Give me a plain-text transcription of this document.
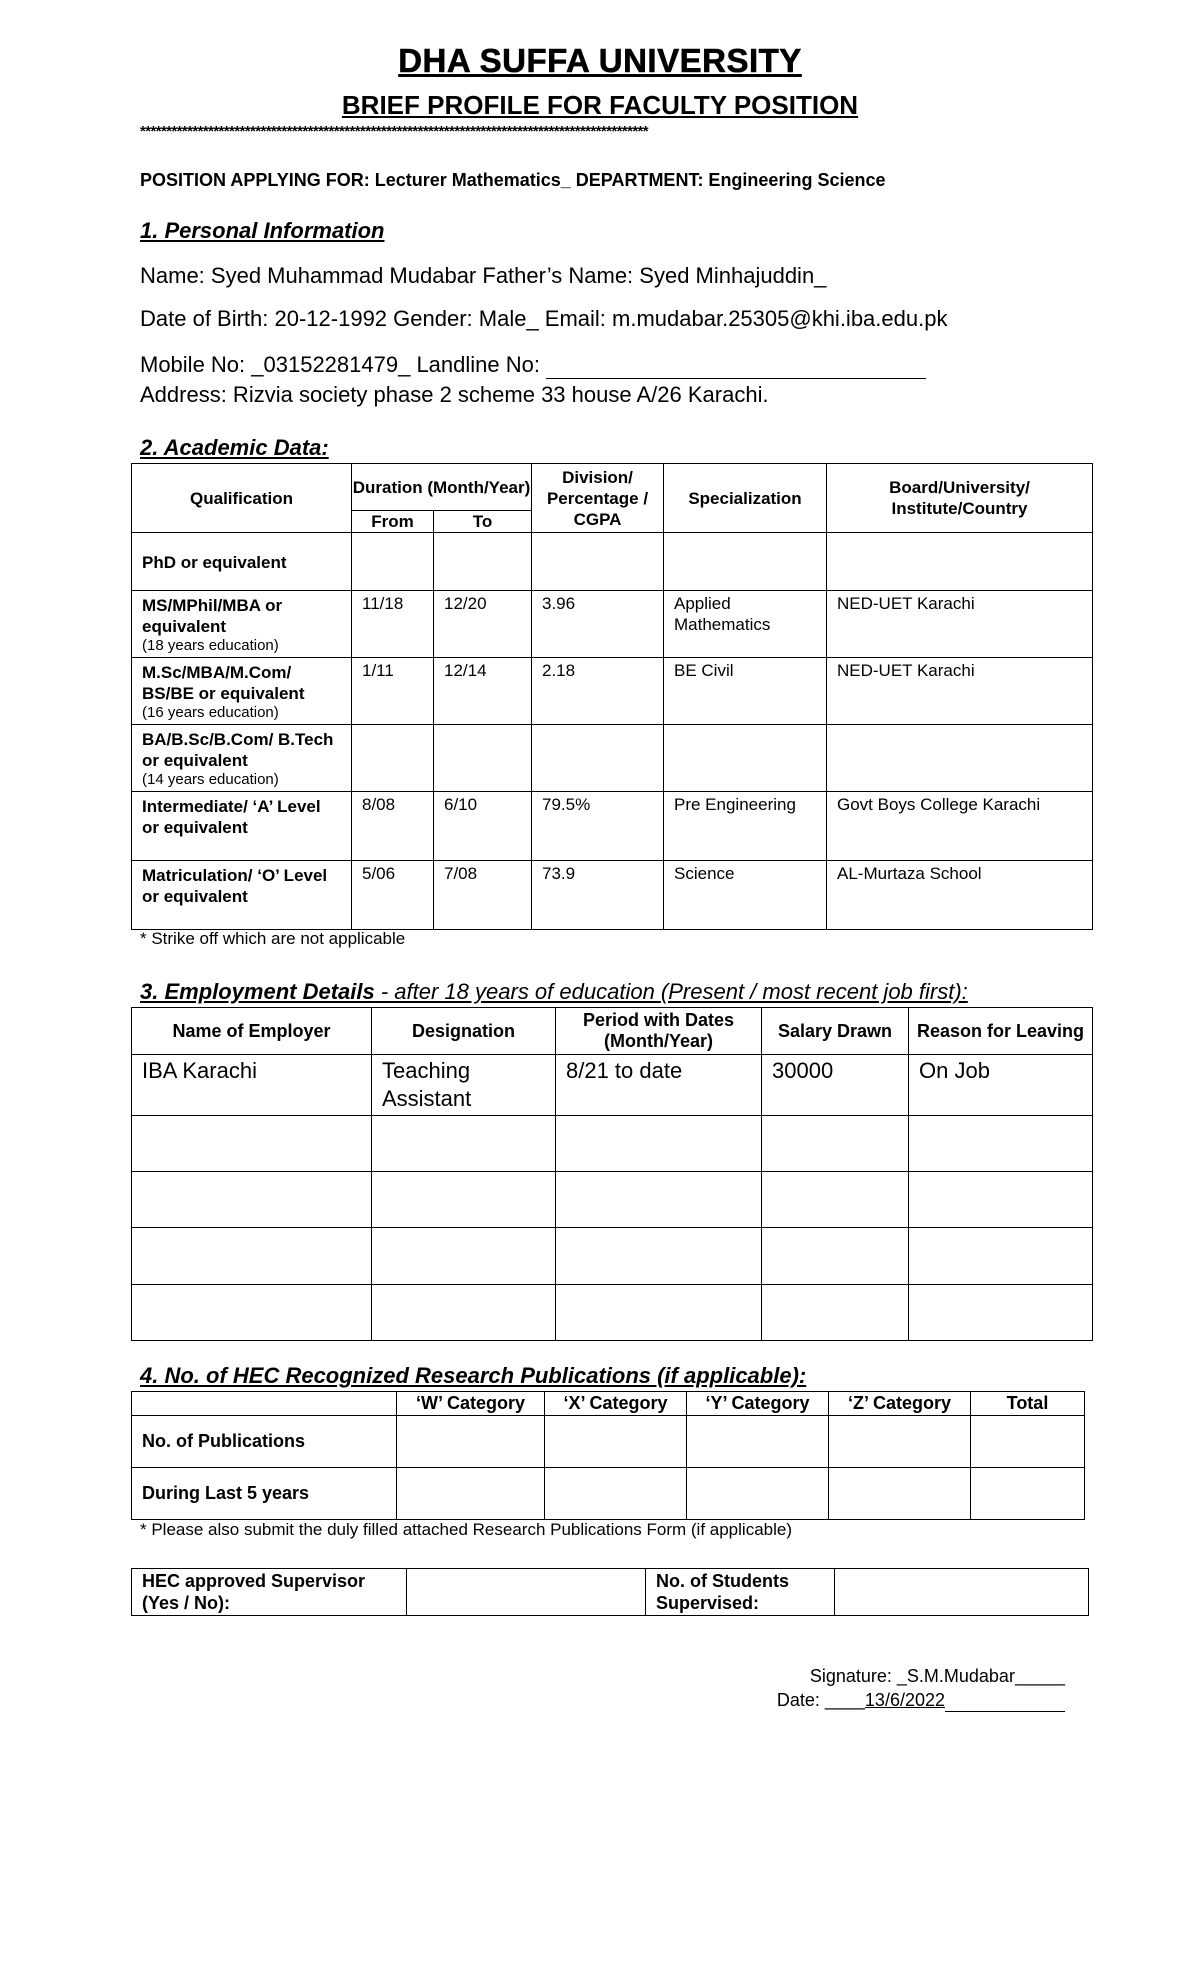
DHA SUFFA UNIVERSITY
BRIEF PROFILE FOR FACULTY POSITION
*************************************************************************************************
POSITION APPLYING FOR: Lecturer Mathematics_ DEPARTMENT: Engineering Science
1. Personal Information
Name: Syed Muhammad Mudabar Father’s Name: Syed Minhajuddin_
Date of Birth: 20-12-1992 Gender: Male_ Email: m.mudabar.25305@khi.iba.edu.pk
Mobile No: _03152281479_ Landline No:
Address: Rizvia society phase 2 scheme 33 house A/26 Karachi.
2. Academic Data:
Qualification	Duration (Month/Year)		Division/ Percentage / CGPA	Specialization	Board/University/ Institute/Country
	From	To			

PhD or equivalent					

MS/MPhil/MBA or equivalent
(18 years education)	11/18	12/20	3.96	Applied Mathematics	NED-UET Karachi

M.Sc/MBA/M.Com/ BS/BE or equivalent
(16 years education)	1/11	12/14	2.18	BE Civil	NED-UET Karachi

BA/B.Sc/B.Com/ B.Tech or equivalent
(14 years education)					

Intermediate/ ‘A’ Level or equivalent	8/08	6/10	79.5%	Pre Engineering	Govt Boys College Karachi

Matriculation/ ‘O’ Level or equivalent	5/06	7/08	73.9	Science	AL-Murtaza School
* Strike off which are not applicable
3. Employment Details - after 18 years of education (Present / most recent job first):
Name of Employer	Designation	Period with Dates (Month/Year)	Salary Drawn	Reason for Leaving
IBA Karachi	Teaching Assistant	8/21 to date	30000	On Job

4. No. of HEC Recognized Research Publications (if applicable):
	‘W’ Category	‘X’ Category	‘Y’ Category	‘Z’ Category	Total
No. of Publications					
During Last 5 years					
* Please also submit the duly filled attached Research Publications Form (if applicable)
HEC approved Supervisor (Yes / No):		No. of Students Supervised:	
Signature: _S.M.Mudabar_____
Date: ____13/6/2022
